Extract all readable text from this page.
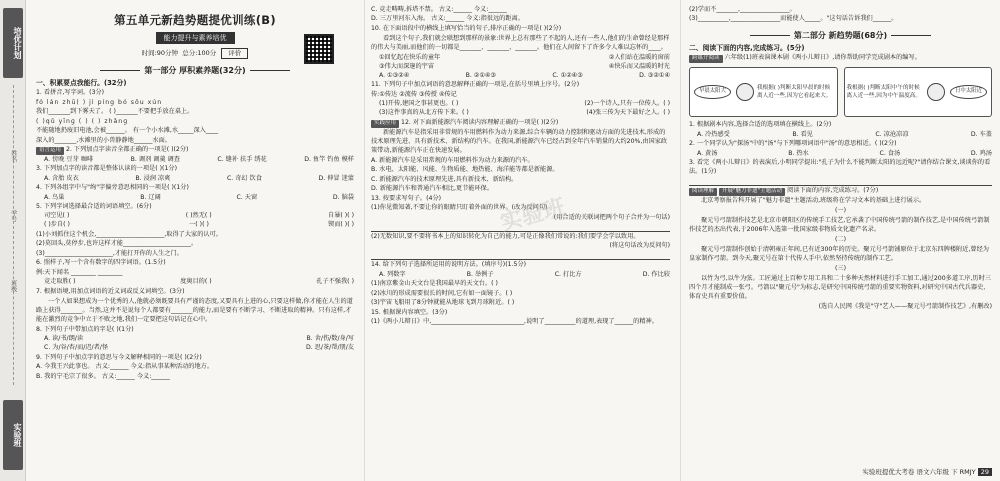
培优计划
姓名
学号
班级
实验班
第五单元新趋势题提优训练(B)
能力提升与素养培优
时间:90分钟 总分:100分 评价
第一部分 厚积素养题(32分)
一、积累要点我能行。(32分)
1. 看拼音,写字词。(3分)
fó lán zhū( ) jì píng bó sōu xún
我们_______到下雾天了。 ( )_______不要把手放在桌上。
( )qǔ yīnɡ ( ) ( ) zhǎnɡ
不能随地扔废旧电池,会被______。 有一个小水滩,水_____深入____
深入的_______,水滩里的小兽静静地______水面。
语言运用 2. 下列加点字读音全都正确的一项是( )(2分)
A. 傍晚 豆芽 咖啡	B. 调剂 调羹 调查	C. 缝补 扶手 绣花	D. 鱼竿 钓鱼 模样
3. 下列加点字的读音都是整体认读的一项是( )(1分)
A. 含胎 皮衣	B. 浸润 凉爽	C. 奇幻 饮食	D. 伸冒 迷蒙
4. 下列各组字中与"绚"字偏旁意思相同的一项是( )(1分)
A. 鸟巢	B. 辽阔	C. 天窗	D. 脑袋
5. 下列字词选择最合适的词语填空。(6分)
司空见( )	( )然无( )	自暴( )( )
( )步自( )	一( )( )	锲而( )( )
(1)小刘抓住这个机会,______________________,取得了大家的认可。
(2)莫回头,莫停步,也许这样才能______________________。
(3)______________________,才能打开你的人生之门。
6. 照样子,写一个含有数字的四字词语。(1.5分)
例:天下闻名 ________ ________
竞走取胜( )	度奥目的( )	孔子不强我( )
7. 根据语境,用加点词语的近义词或反义词填空。(3分)
一个人如果想成为一个优秀的人,他就必须既要具有严谨的态度,又要具有上进的心,只要这样做,你才能在人生的道路上获得_______。当然,这并不是说每个人都要有_______的能力,而是要有不断学习、不断进取的精神。只有这样,才能在激烈的竞争中立于不败之地,我们一定要把这句话记在心中。
8. 下列句子中带加点的字是( )(1分)
A. 读/书/朗/读	B. 舍/伤/数/身/写
C. 为/谷/杏/而/迟/者/怪	D. 思/茶/帮/朋/友
9. 下列句子中加点字的意思与今义解释相同的一项是( )(2分)
A. 今我王兴此事也。 古义:______ 今义:指从事某种活动的地方。
B. 我的宁毛宗了很多。 古义:______ 今义:______
C. 竞走畴畴,拆塔不禁。 古义:______ 今义:______
D. 三万里河东入海。 古义:______ 今义:指很远的距离。
10. 在下面语段中的横线上填写恰当的句子,排序正确的一项是( )(2分)
看到这个句子,我们就会联想到那样的景象:世界上总有那些了不起的人,还有一些人,他们的生命曾经是那样的伟大与美丽,而他们的一切都是_______、_______、_______。他们在人间留下了许多令人难以忘怀的____。
①回忆起在快乐的童年	②人们站在温暖的窗前
③伟大而深邃的宇宙	④快乐而又温暖的时光
A. ①③②④	B. ②①④③	C. ①②④③	D. ③②①④
11. 下列句子中加点词语的意思解释正确的一项是,在括号里填上序号。(2分)
传:①传达 ②流传 ③传授 ④传记
(1)开传,建国之事甚更也。( )	(2)一个诗人,只有一位传人。( )
(3)这件事真的从北方传下来。( )	(4)张三传为天下最好之人。( )
实践应用 12. 对下面新能源汽车阅读内容理解正确的一项是( )(2分)
新能源汽车是指采用非常规的车用燃料作为动力来源,综合车辆的动力控制和驱动方面的先进技术,形成的技术原理先进、具有新技术、新结构的汽车。在我国,新能源汽车已经占到全年汽车销量的大约20%,由国家政策带动,新能源汽车正在快速发展。
A. 新能源汽车是采用常规的车用燃料作为动力来源的汽车。
B. 水电、太阳能、风能、生物质能、地热能、海洋能等都是新能源。
C. 新能源汽车的技术原理先进,具有新技术、新结构。
D. 新能源汽车和普通汽车相比,更节能环保。
13. 按要求写句子。(4分)
(1)你见微知著,不要让你的眼睛只盯着外面的世界。(改为反问句)
(用合适的关联词把两个句子合并为一句话)
(2)无数知识,要不要将书本上的知识转化为自己的能力,可是正像我们常说的:我们要学会学以致用。
(将这句话改为反问句)
14. 给下列句子选择所运用的说明方法。(填序号)(1.5分)
A. 列数字	B. 举例子	C. 打比方	D. 作比较
(1)南京紫金山天文台是我国最早的天文台。( )
(2)冰川的形成需要很长的时间,它有如一面镜子。( )
(3)宇宙飞船用了8分钟就能从地球飞到月球附近。( )
15. 根据课内容填空。(3分)
(1)《两小儿辩日》中,______________________________,说明了__________的道理,表现了______的精神。
(2)学而不_______,________________。
(3)__________,________________而能使人_____。"这句话告诉我们______。
第二部分 新趋势题(68分)
二、阅读下面的内容,完成练习。(5分)
跨媒介阅读 六年级(1)班表演课本剧《两小儿辩日》,请你帮助同学完成剧本的编写。
早晨太阳大
我根据( )判断太阳早晨的时候离人近一些,因为它看起来大。
我根据( )判断太阳中午的时候离人近一些,因为中午温度高。
日中太阳近
1. 根据剧本内容,选择合适的选项填在横线上。(2分)
A. 冷热感受	B. 看见	C. 凉沧凉凉	D. 车盖
2. 一个同学认为"探汤"中的"汤"与下列哪项词语中"汤"的意思相近。( )(2分)
A. 黄汤	B. 热水	C. 食汤	D. 鸡汤
3. 看完《两小儿辩日》的表演后,小明同学提出:"孔子为什么不能判断太阳的远近呢?"请你结合课文,谈谈你的看法。(1分)
阅读理解 开展"魅力非遗"主题活动 阅读下面的内容,完成练习。(7分)
北京考察报告科开展了"魅力非遗"主题活动,班级将在学习文本的基础上进行展示。
(一)
聚元号弓箭制作技艺是北京市朝阳区的传统手工技艺,它承袭了中国传统弓箭的制作技艺,是中国传统弓箭制作技艺的杰出代表,于2006年入选第一批国家级非物质文化遗产名录。
(二)
聚元号弓箭制作创始于清朝雍正年间,已有近300年的历史。聚元号弓箭铺原位于北京东四牌楼附近,曾经为皇家制作弓箭。到今天,聚元号在第十代传人手中,依然坚持传统的制作工艺。
(三)
以竹为弓,以牛为弦。工匠通过上百种专用工具和二十多种天然材料进行手工加工,通过200多道工序,历时三四个月才能制成一张弓。弓箭以"聚元号"为标志,是研究中国传统弓箭的重要实物资料,对研究中国古代兵器史、体育史具有重要价值。
(选自人民网《我是"守"艺人——聚元号弓箭制作技艺》,有删改)
实验班
实验班提优大考卷 语文六年级 下 RMJY 29
